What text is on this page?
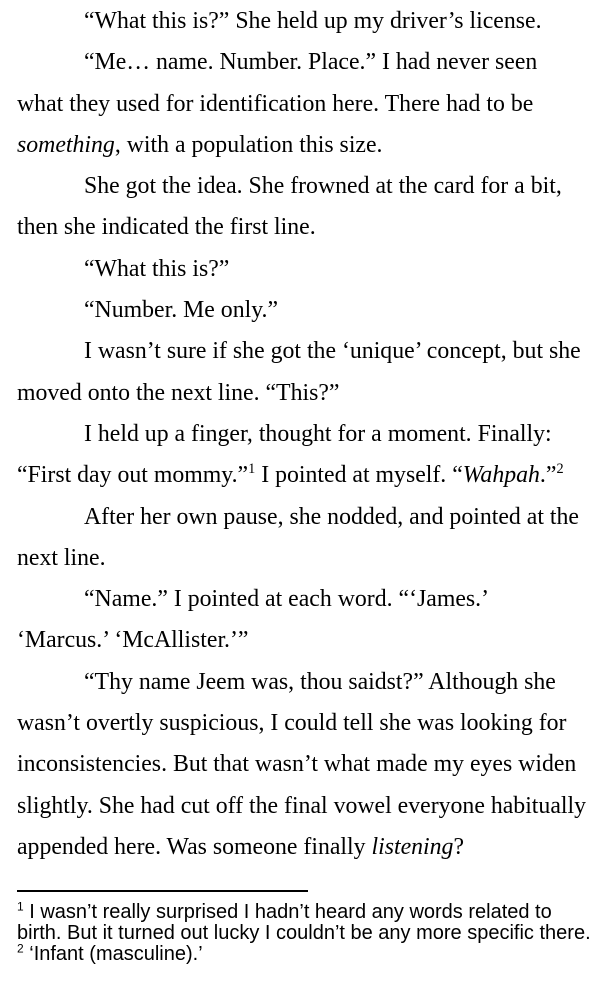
“What this is?” She held up my driver’s license.

“Me… name. Number. Place.” I had never seen
what they used for identification here. There had to be
something, with a population this size.

She got the idea. She frowned at the card for a bit,
then she indicated the first line.

“What this is?”

“Number. Me only.”

I wasn’t sure if she got the ‘unique’ concept, but she
moved onto the next line. “This?”

I held up a finger, thought for a moment. Finally:
“First day out mommy.”$^1$ I pointed at myself. “Wahpah.”$^2$

After her own pause, she nodded, and pointed at the
next line.

“Name.” I pointed at each word. “‘James.’
‘Marcus.’ ‘McAllister.’”

“Thy name Jeem was, thou saidst?” Although she
wasn’t overtly suspicious, I could tell she was looking for
inconsistencies. But that wasn’t what made my eyes widen
slightly. She had cut off the final vowel everyone habitually
appended here. Was someone finally listening?

$^1$ I wasn’t really surprised I hadn’t heard any words related to
birth. But it turned out lucky I couldn’t be any more specific there.
$^2$ ‘Infant (masculine).’
